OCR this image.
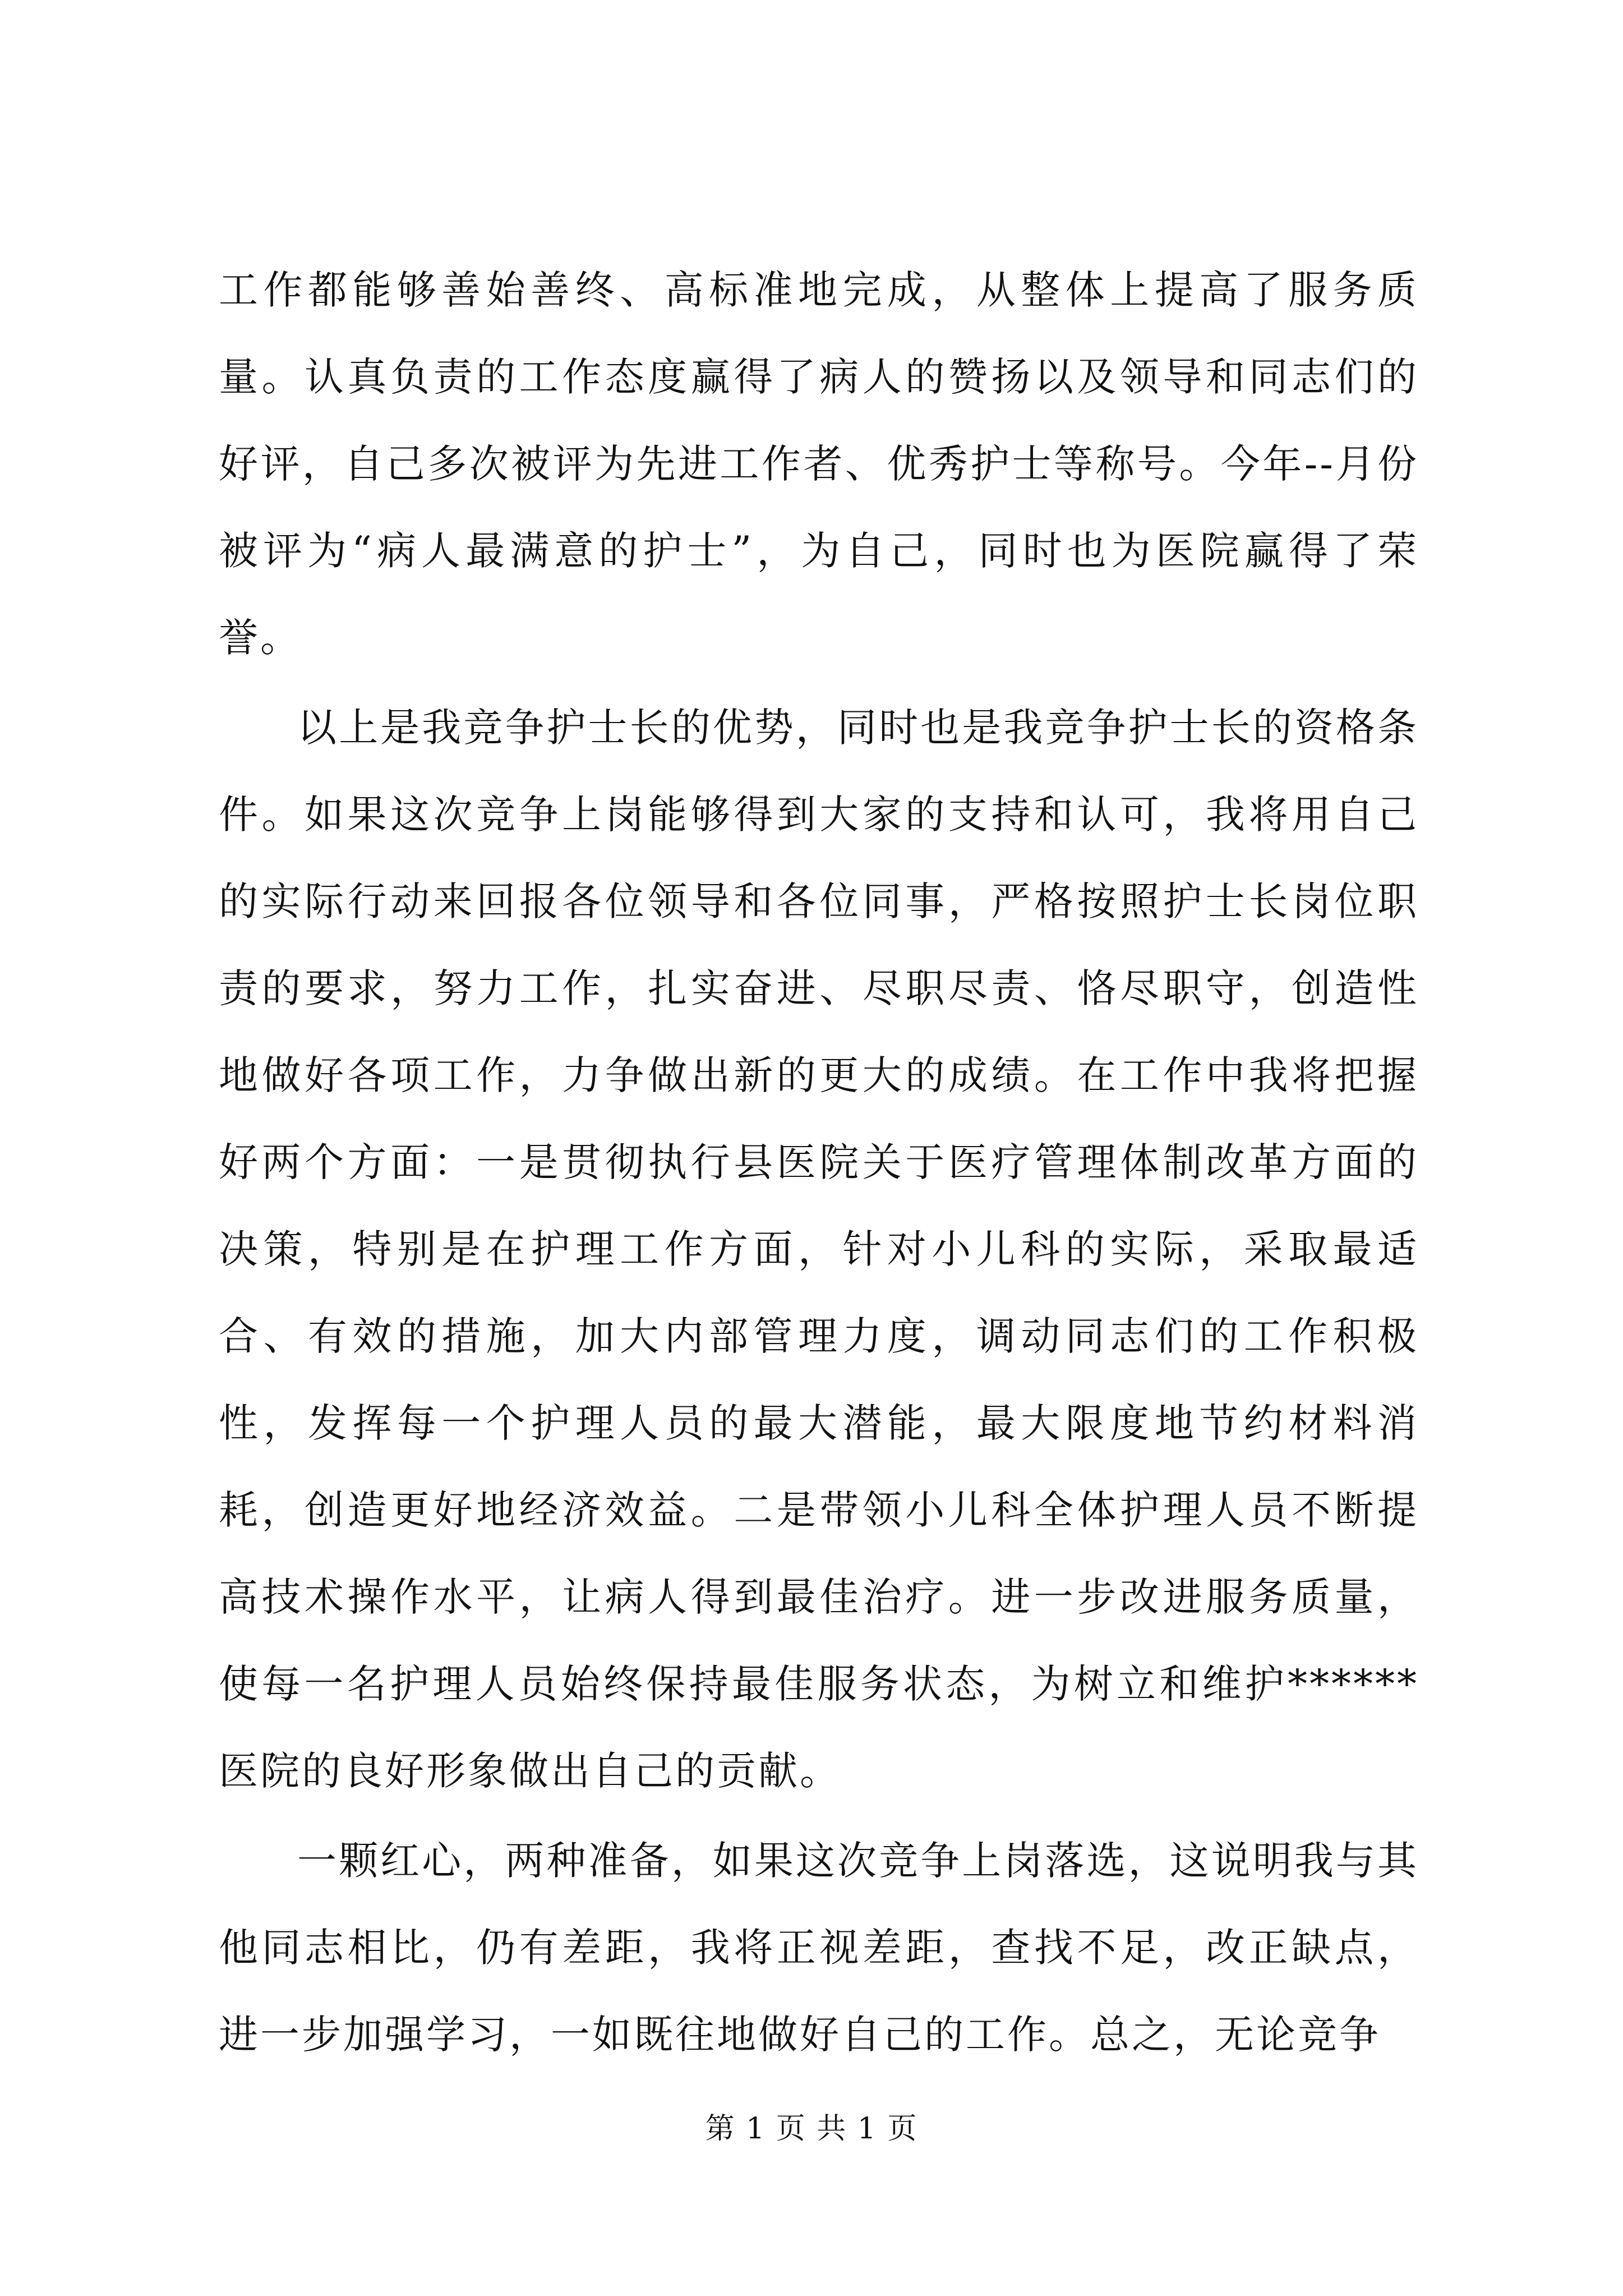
工作都能够善始善终、高标准地完成，从整体上提高了服务质量。认真负责的工作态度赢得了病人的赞扬以及领导和同志们的好评，自己多次被评为先进工作者、优秀护士等称号。今年--月份被评为“病人最满意的护士”，为自己，同时也为医院赢得了荣誉。

以上是我竞争护士长的优势，同时也是我竞争护士长的资格条件。如果这次竞争上岗能够得到大家的支持和认可，我将用自己的实际行动来回报各位领导和各位同事，严格按照护士长岗位职责的要求，努力工作，扎实奋进、尽职尽责、恪尽职守，创造性地做好各项工作，力争做出新的更大的成绩。在工作中我将把握好两个方面：一是贯彻执行县医院关于医疗管理体制改革方面的决策，特别是在护理工作方面，针对小儿科的实际，采取最适合、有效的措施，加大内部管理力度，调动同志们的工作积极性，发挥每一个护理人员的最大潜能，最大限度地节约材料消耗，创造更好地经济效益。二是带领小儿科全体护理人员不断提高技术操作水平，让病人得到最佳治疗。进一步改进服务质量，使每一名护理人员始终保持最佳服务状态，为树立和维护******医院的良好形象做出自己的贡献。

一颗红心，两种准备，如果这次竞争上岗落选，这说明我与其他同志相比，仍有差距，我将正视差距，查找不足，改正缺点，进一步加强学习，一如既往地做好自己的工作。总之，无论竞争

第 1 页 共 1 页
